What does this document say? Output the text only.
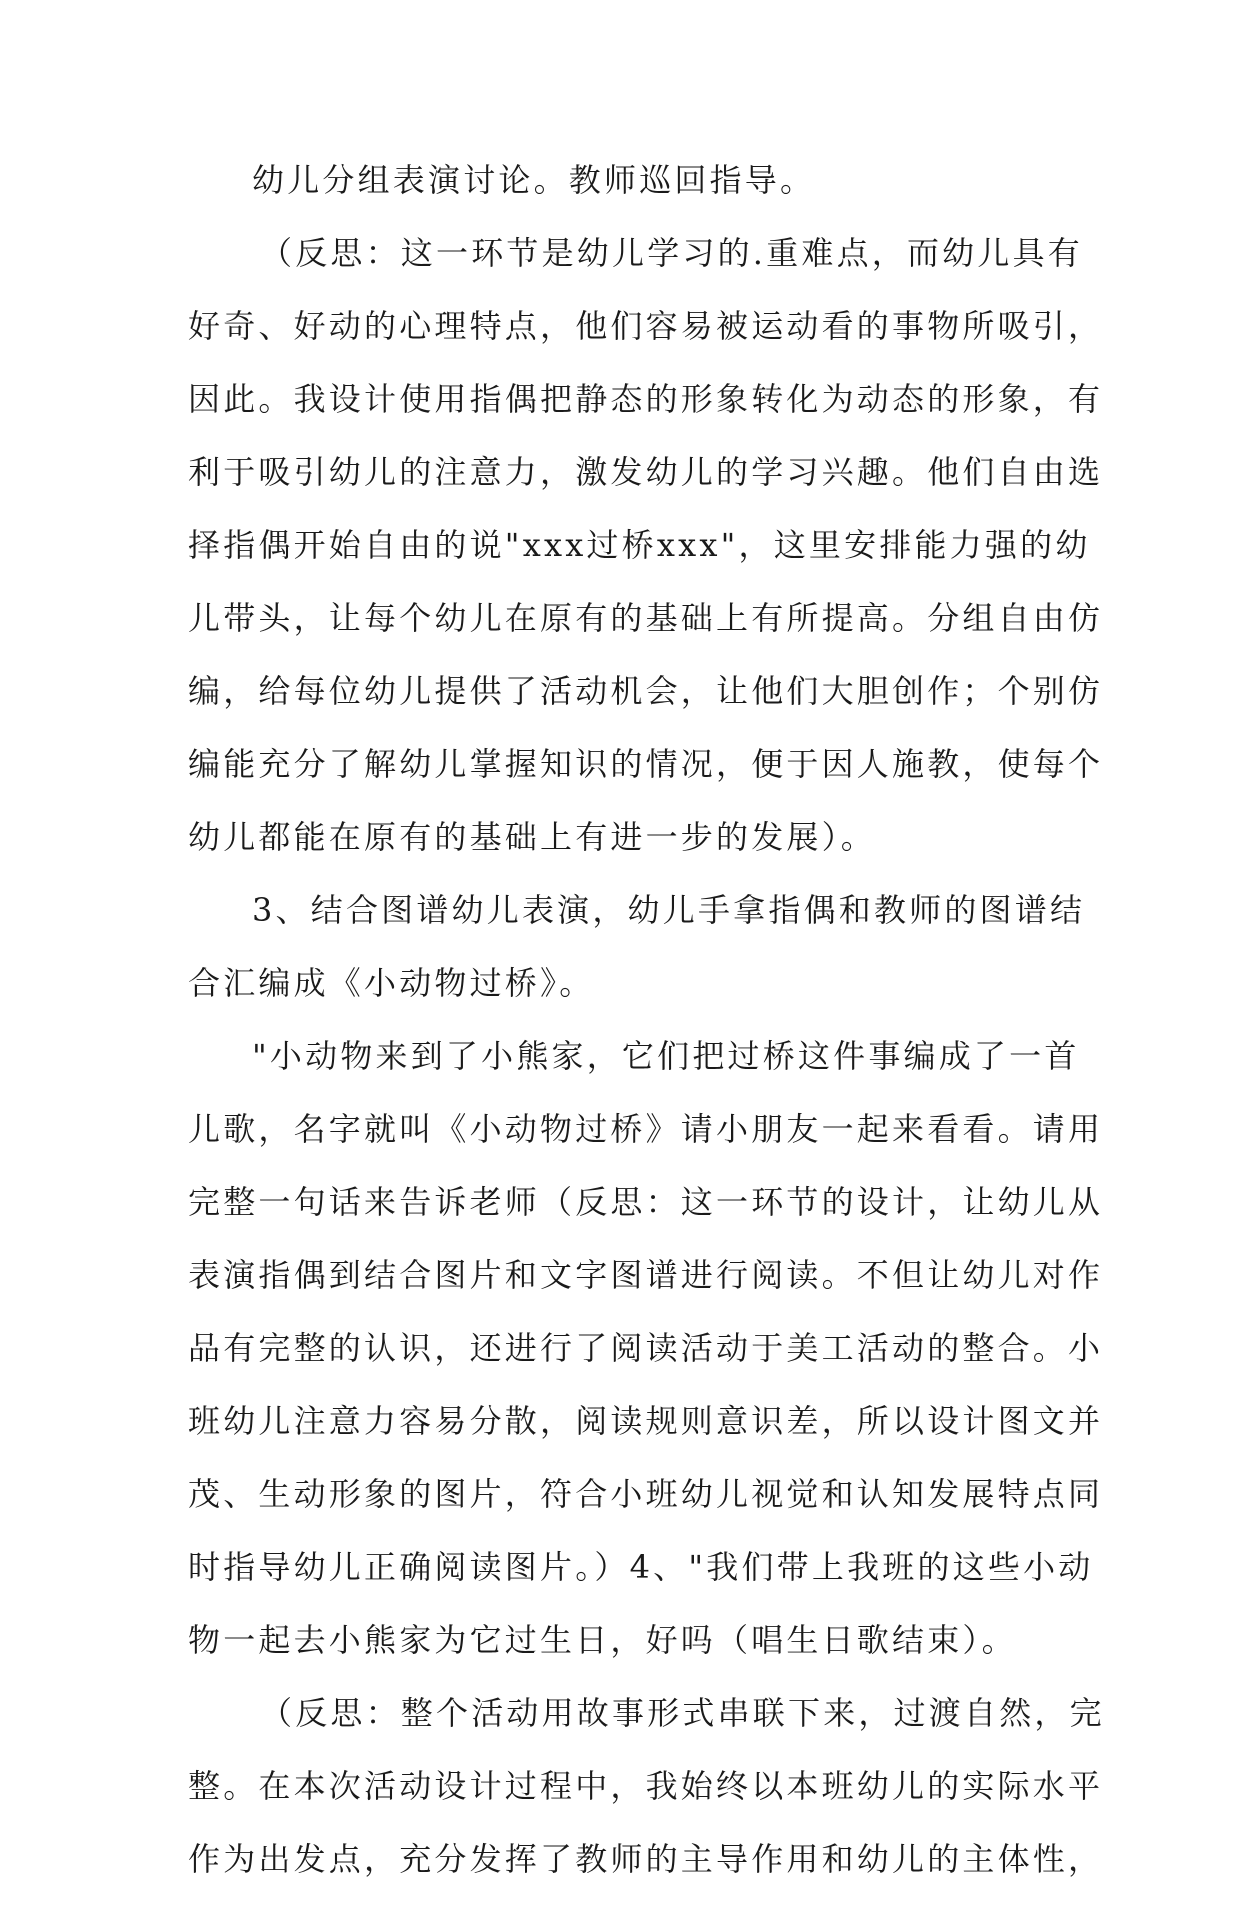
幼儿分组表演讨论。教师巡回指导。
（反思：这一环节是幼儿学习的.重难点，而幼儿具有
好奇、好动的心理特点，他们容易被运动看的事物所吸引，
因此。我设计使用指偶把静态的形象转化为动态的形象，有
利于吸引幼儿的注意力，激发幼儿的学习兴趣。他们自由选
择指偶开始自由的说"xxx过桥xxx"，这里安排能力强的幼
儿带头，让每个幼儿在原有的基础上有所提高。分组自由仿
编，给每位幼儿提供了活动机会，让他们大胆创作；个别仿
编能充分了解幼儿掌握知识的情况，便于因人施教，使每个
幼儿都能在原有的基础上有进一步的发展）。
3、结合图谱幼儿表演，幼儿手拿指偶和教师的图谱结
合汇编成《小动物过桥》。
"小动物来到了小熊家，它们把过桥这件事编成了一首
儿歌，名字就叫《小动物过桥》请小朋友一起来看看。请用
完整一句话来告诉老师（反思：这一环节的设计，让幼儿从
表演指偶到结合图片和文字图谱进行阅读。不但让幼儿对作
品有完整的认识，还进行了阅读活动于美工活动的整合。小
班幼儿注意力容易分散，阅读规则意识差，所以设计图文并
茂、生动形象的图片，符合小班幼儿视觉和认知发展特点同
时指导幼儿正确阅读图片。）4、"我们带上我班的这些小动
物一起去小熊家为它过生日，好吗（唱生日歌结束）。
（反思：整个活动用故事形式串联下来，过渡自然，完
整。在本次活动设计过程中，我始终以本班幼儿的实际水平
作为出发点，充分发挥了教师的主导作用和幼儿的主体性，
